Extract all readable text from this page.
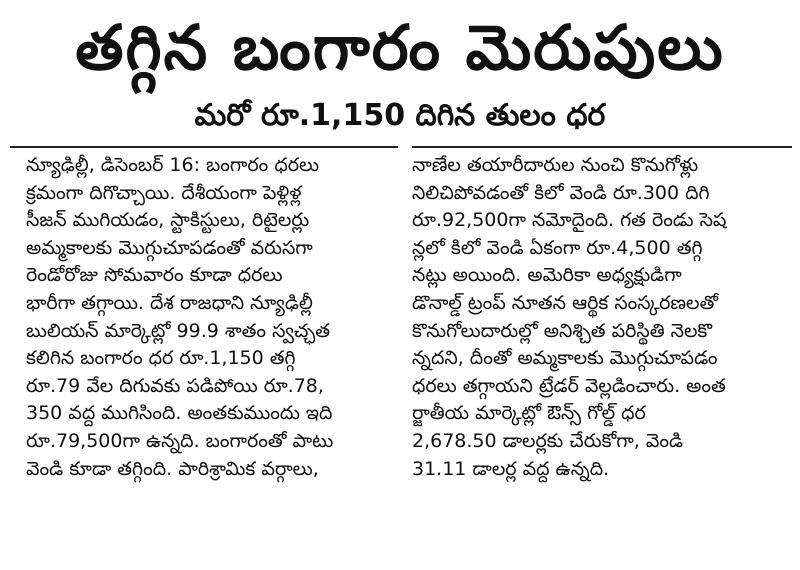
తగ్గిన బంగారం మెరుపులు
మరో రూ.1,150 దిగిన తులం ధర
న్యూఢిల్లీ, డిసెంబర్ 16: బంగారం ధరలు
క్రమంగా దిగొచ్చాయి. దేశీయంగా పెళ్లిళ్ల
సీజన్ ముగియడం, స్టాకిస్టులు, రిటైలర్లు
అమ్మకాలకు మొగ్గుచూపడంతో వరుసగా
రెండోరోజు సోమవారం కూడా ధరలు
భారీగా తగ్గాయి. దేశ రాజధాని న్యూఢిల్లీ
బులియన్ మార్కెట్లో 99.9 శాతం స్వచ్ఛత
కలిగిన బంగారం ధర రూ.1,150 తగ్గి
రూ.79 వేల దిగువకు పడిపోయి రూ.78,
350 వద్ద ముగిసింది. అంతకుముందు ఇది
రూ.79,500గా ఉన్నది. బంగారంతో పాటు
వెండి కూడా తగ్గింది. పారిశ్రామిక వర్గాలు,
నాణేల తయారీదారుల నుంచి కొనుగోళ్లు
నిలిచిపోవడంతో కిలో వెండి రూ.300 దిగి
రూ.92,500గా నమోదైంది. గత రెండు సెష
న్లలో కిలో వెండి ఏకంగా రూ.4,500 తగ్గి
నట్లు అయింది. అమెరికా అధ్యక్షుడిగా
డొనాల్డ్ ట్రంప్ నూతన ఆర్థిక సంస్కరణలతో
కొనుగోలుదారుల్లో అనిశ్చిత పరిస్థితి నెలకొ
న్నదని, దీంతో అమ్మకాలకు మొగ్గుచూపడం
ధరలు తగ్గాయని ట్రేడర్ వెల్లడించారు. అంత
ర్జాతీయ మార్కెట్లో ఔన్స్ గోల్డ్ ధర
2,678.50 డాలర్లకు చేరుకోగా, వెండి
31.11 డాలర్ల వద్ద ఉన్నది.
